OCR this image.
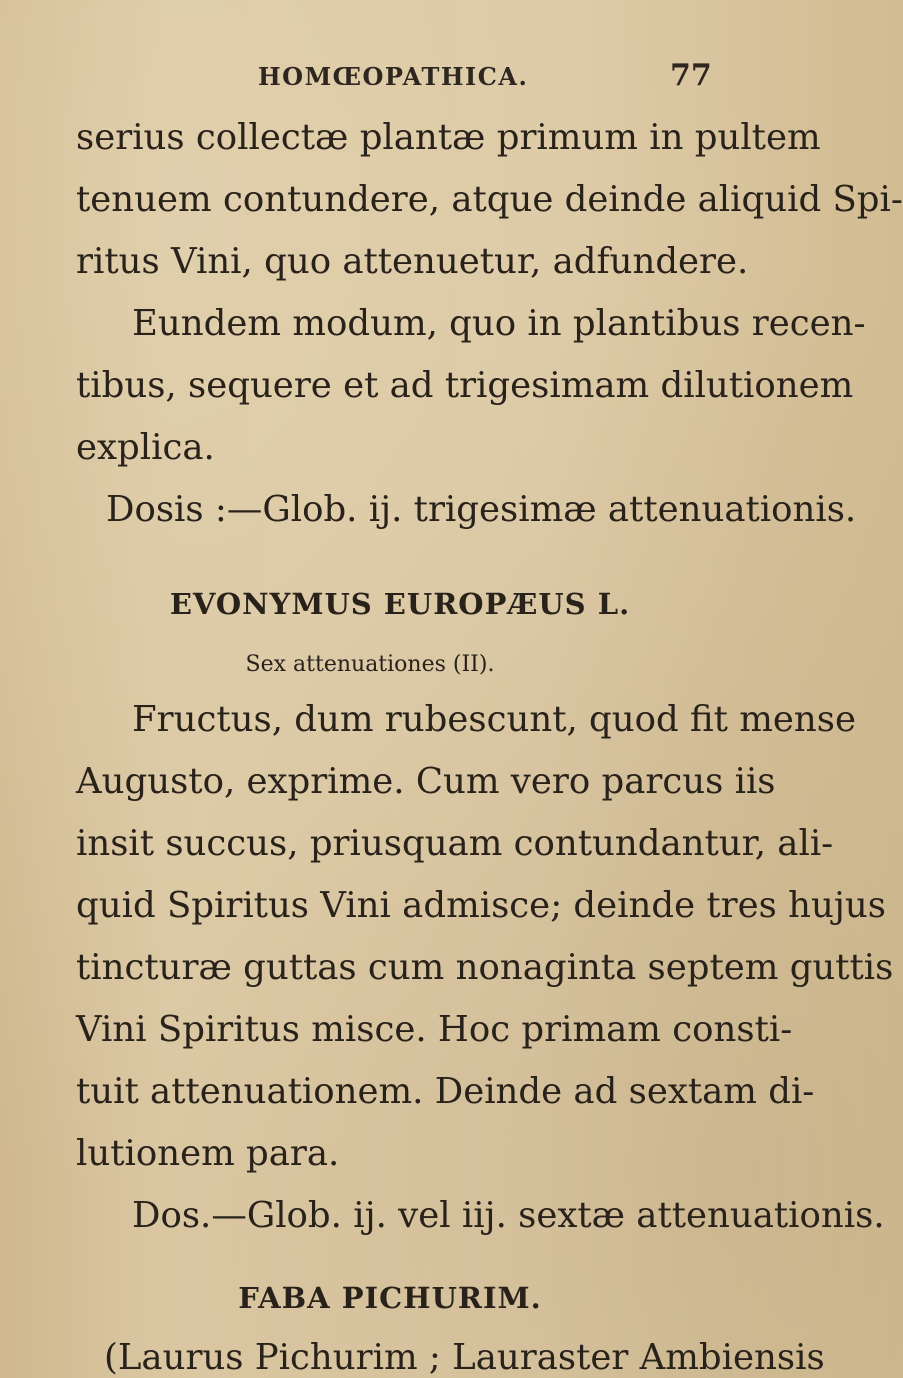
HOMŒOPATHICA.	77
serius collectæ plantæ primum in pultem
tenuem contundere, atque deinde aliquid Spi-
ritus Vini, quo attenuetur, adfundere.
Eundem modum, quo in plantibus recen-
tibus, sequere et ad trigesimam dilutionem
explica.
Dosis :—Glob. ij. trigesimæ attenuationis.
EVONYMUS EUROPÆUS L.
Sex attenuationes (II).
Fructus, dum rubescunt, quod fit mense
Augusto, exprime. Cum vero parcus iis
insit succus, priusquam contundantur, ali-
quid Spiritus Vini admisce; deinde tres hujus
tincturæ guttas cum nonaginta septem guttis
Vini Spiritus misce. Hoc primam consti-
tuit attenuationem. Deinde ad sextam di-
lutionem para.
Dos.—Glob. ij. vel iij. sextæ attenuationis.
FABA PICHURIM.
(Laurus Pichurim ; Lauraster Ambiensis
